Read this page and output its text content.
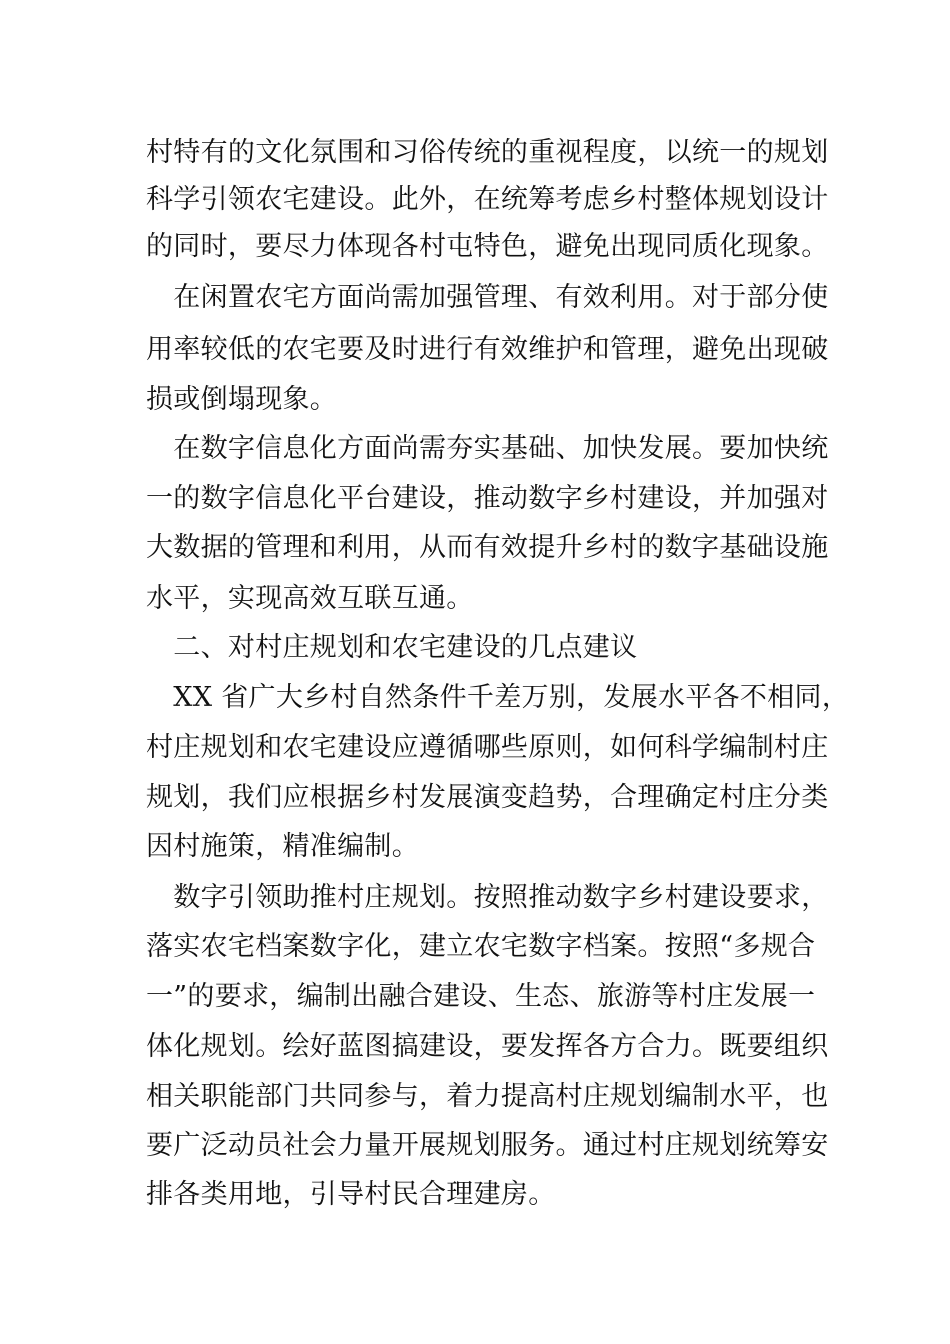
村特有的文化氛围和习俗传统的重视程度，以统一的规划
科学引领农宅建设。此外，在统筹考虑乡村整体规划设计
的同时，要尽力体现各村屯特色，避免出现同质化现象。
　在闲置农宅方面尚需加强管理、有效利用。对于部分使
用率较低的农宅要及时进行有效维护和管理，避免出现破
损或倒塌现象。
　在数字信息化方面尚需夯实基础、加快发展。要加快统
一的数字信息化平台建设，推动数字乡村建设，并加强对
大数据的管理和利用，从而有效提升乡村的数字基础设施
水平，实现高效互联互通。
　二、对村庄规划和农宅建设的几点建议
　XX 省广大乡村自然条件千差万别，发展水平各不相同，
村庄规划和农宅建设应遵循哪些原则，如何科学编制村庄
规划，我们应根据乡村发展演变趋势，合理确定村庄分类
因村施策，精准编制。
　数字引领助推村庄规划。按照推动数字乡村建设要求，
落实农宅档案数字化，建立农宅数字档案。按照“多规合
一”的要求，编制出融合建设、生态、旅游等村庄发展一
体化规划。绘好蓝图搞建设，要发挥各方合力。既要组织
相关职能部门共同参与，着力提高村庄规划编制水平，也
要广泛动员社会力量开展规划服务。通过村庄规划统筹安
排各类用地，引导村民合理建房。
